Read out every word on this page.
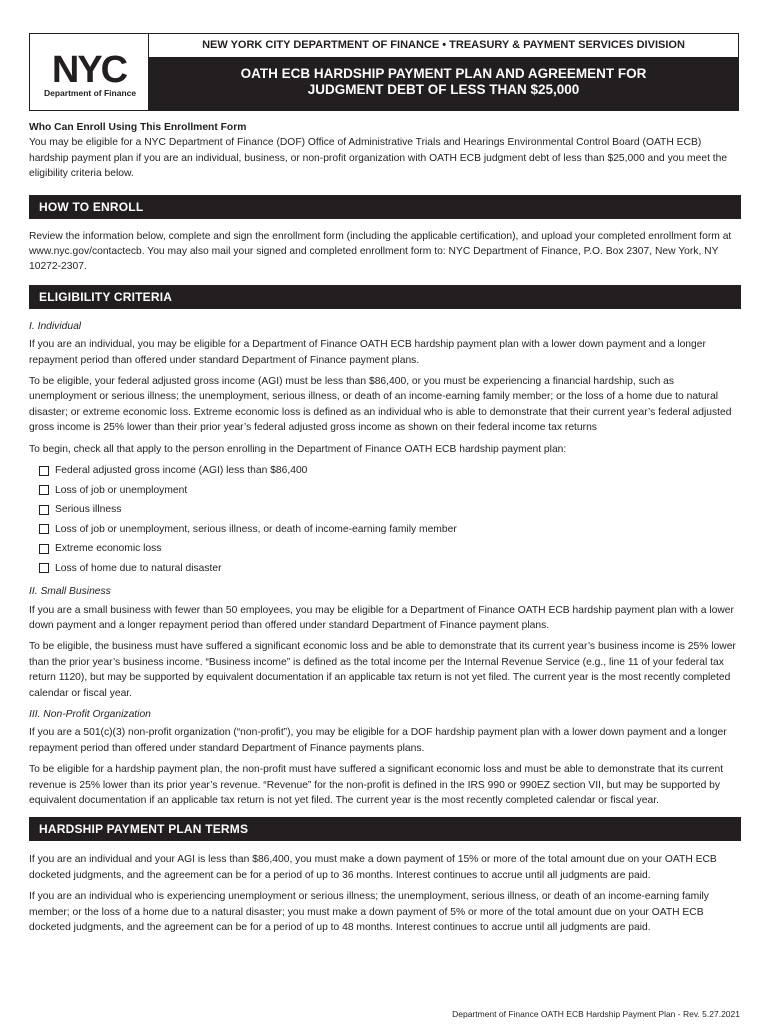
NYC
Department of Finance
NEW YORK CITY DEPARTMENT OF FINANCE • TREASURY & PAYMENT SERVICES DIVISION
OATH ECB HARDSHIP PAYMENT PLAN AND AGREEMENT FOR
JUDGMENT DEBT OF LESS THAN $25,000

Who Can Enroll Using This Enrollment Form

You may be eligible for a NYC Department of Finance (DOF) Office of Administrative Trials and Hearings Environmental Control Board (OATH ECB) hardship payment plan if you are an individual, business, or non-profit organization with OATH ECB judgment debt of less than $25,000 and you meet the eligibility criteria below.

HOW TO ENROLL

Review the information below, complete and sign the enrollment form (including the applicable certification), and upload your completed enrollment form at www.nyc.gov/contactecb. You may also mail your signed and completed enrollment form to: NYC Department of Finance, P.O. Box 2307, New York, NY 10272-2307.

ELIGIBILITY CRITERIA

I. Individual

If you are an individual, you may be eligible for a Department of Finance OATH ECB hardship payment plan with a lower down payment and a longer repayment period than offered under standard Department of Finance payment plans.

To be eligible, your federal adjusted gross income (AGI) must be less than $86,400, or you must be experiencing a financial hardship, such as unemployment or serious illness; the unemployment, serious illness, or death of an income-earning family member; or the loss of a home due to natural disaster; or extreme economic loss. Extreme economic loss is defined as an individual who is able to demonstrate that their current year’s federal adjusted gross income is 25% lower than their prior year’s federal adjusted gross income as shown on their federal income tax returns

To begin, check all that apply to the person enrolling in the Department of Finance OATH ECB hardship payment plan:

Federal adjusted gross income (AGI) less than $86,400
Loss of job or unemployment
Serious illness
Loss of job or unemployment, serious illness, or death of income-earning family member
Extreme economic loss
Loss of home due to natural disaster

II. Small Business

If you are a small business with fewer than 50 employees, you may be eligible for a Department of Finance OATH ECB hardship payment plan with a lower down payment and a longer repayment period than offered under standard Department of Finance payment plans.

To be eligible, the business must have suffered a significant economic loss and be able to demonstrate that its current year’s business income is 25% lower than the prior year’s business income. “Business income” is defined as the total income per the Internal Revenue Service (e.g., line 11 of your federal tax return 1120), but may be supported by equivalent documentation if an applicable tax return is not yet filed. The current year is the most recently completed calendar or fiscal year.

III. Non-Profit Organization

If you are a 501(c)(3) non-profit organization (“non-profit”), you may be eligible for a DOF hardship payment plan with a lower down payment and a longer repayment period than offered under standard Department of Finance payments plans.

To be eligible for a hardship payment plan, the non-profit must have suffered a significant economic loss and must be able to demonstrate that its current revenue is 25% lower than its prior year’s revenue. “Revenue” for the non-profit is defined in the IRS 990 or 990EZ section VII, but may be supported by equivalent documentation if an applicable tax return is not yet filed. The current year is the most recently completed calendar or fiscal year.

HARDSHIP PAYMENT PLAN TERMS

If you are an individual and your AGI is less than $86,400, you must make a down payment of 15% or more of the total amount due on your OATH ECB docketed judgments, and the agreement can be for a period of up to 36 months. Interest continues to accrue until all judgments are paid.

If you are an individual who is experiencing unemployment or serious illness; the unemployment, serious illness, or death of an income-earning family member; or the loss of a home due to a natural disaster; you must make a down payment of 5% or more of the total amount due on your OATH ECB docketed judgments, and the agreement can be for a period of up to 48 months. Interest continues to accrue until all judgments are paid.

Department of Finance OATH ECB Hardship Payment Plan - Rev. 5.27.2021
